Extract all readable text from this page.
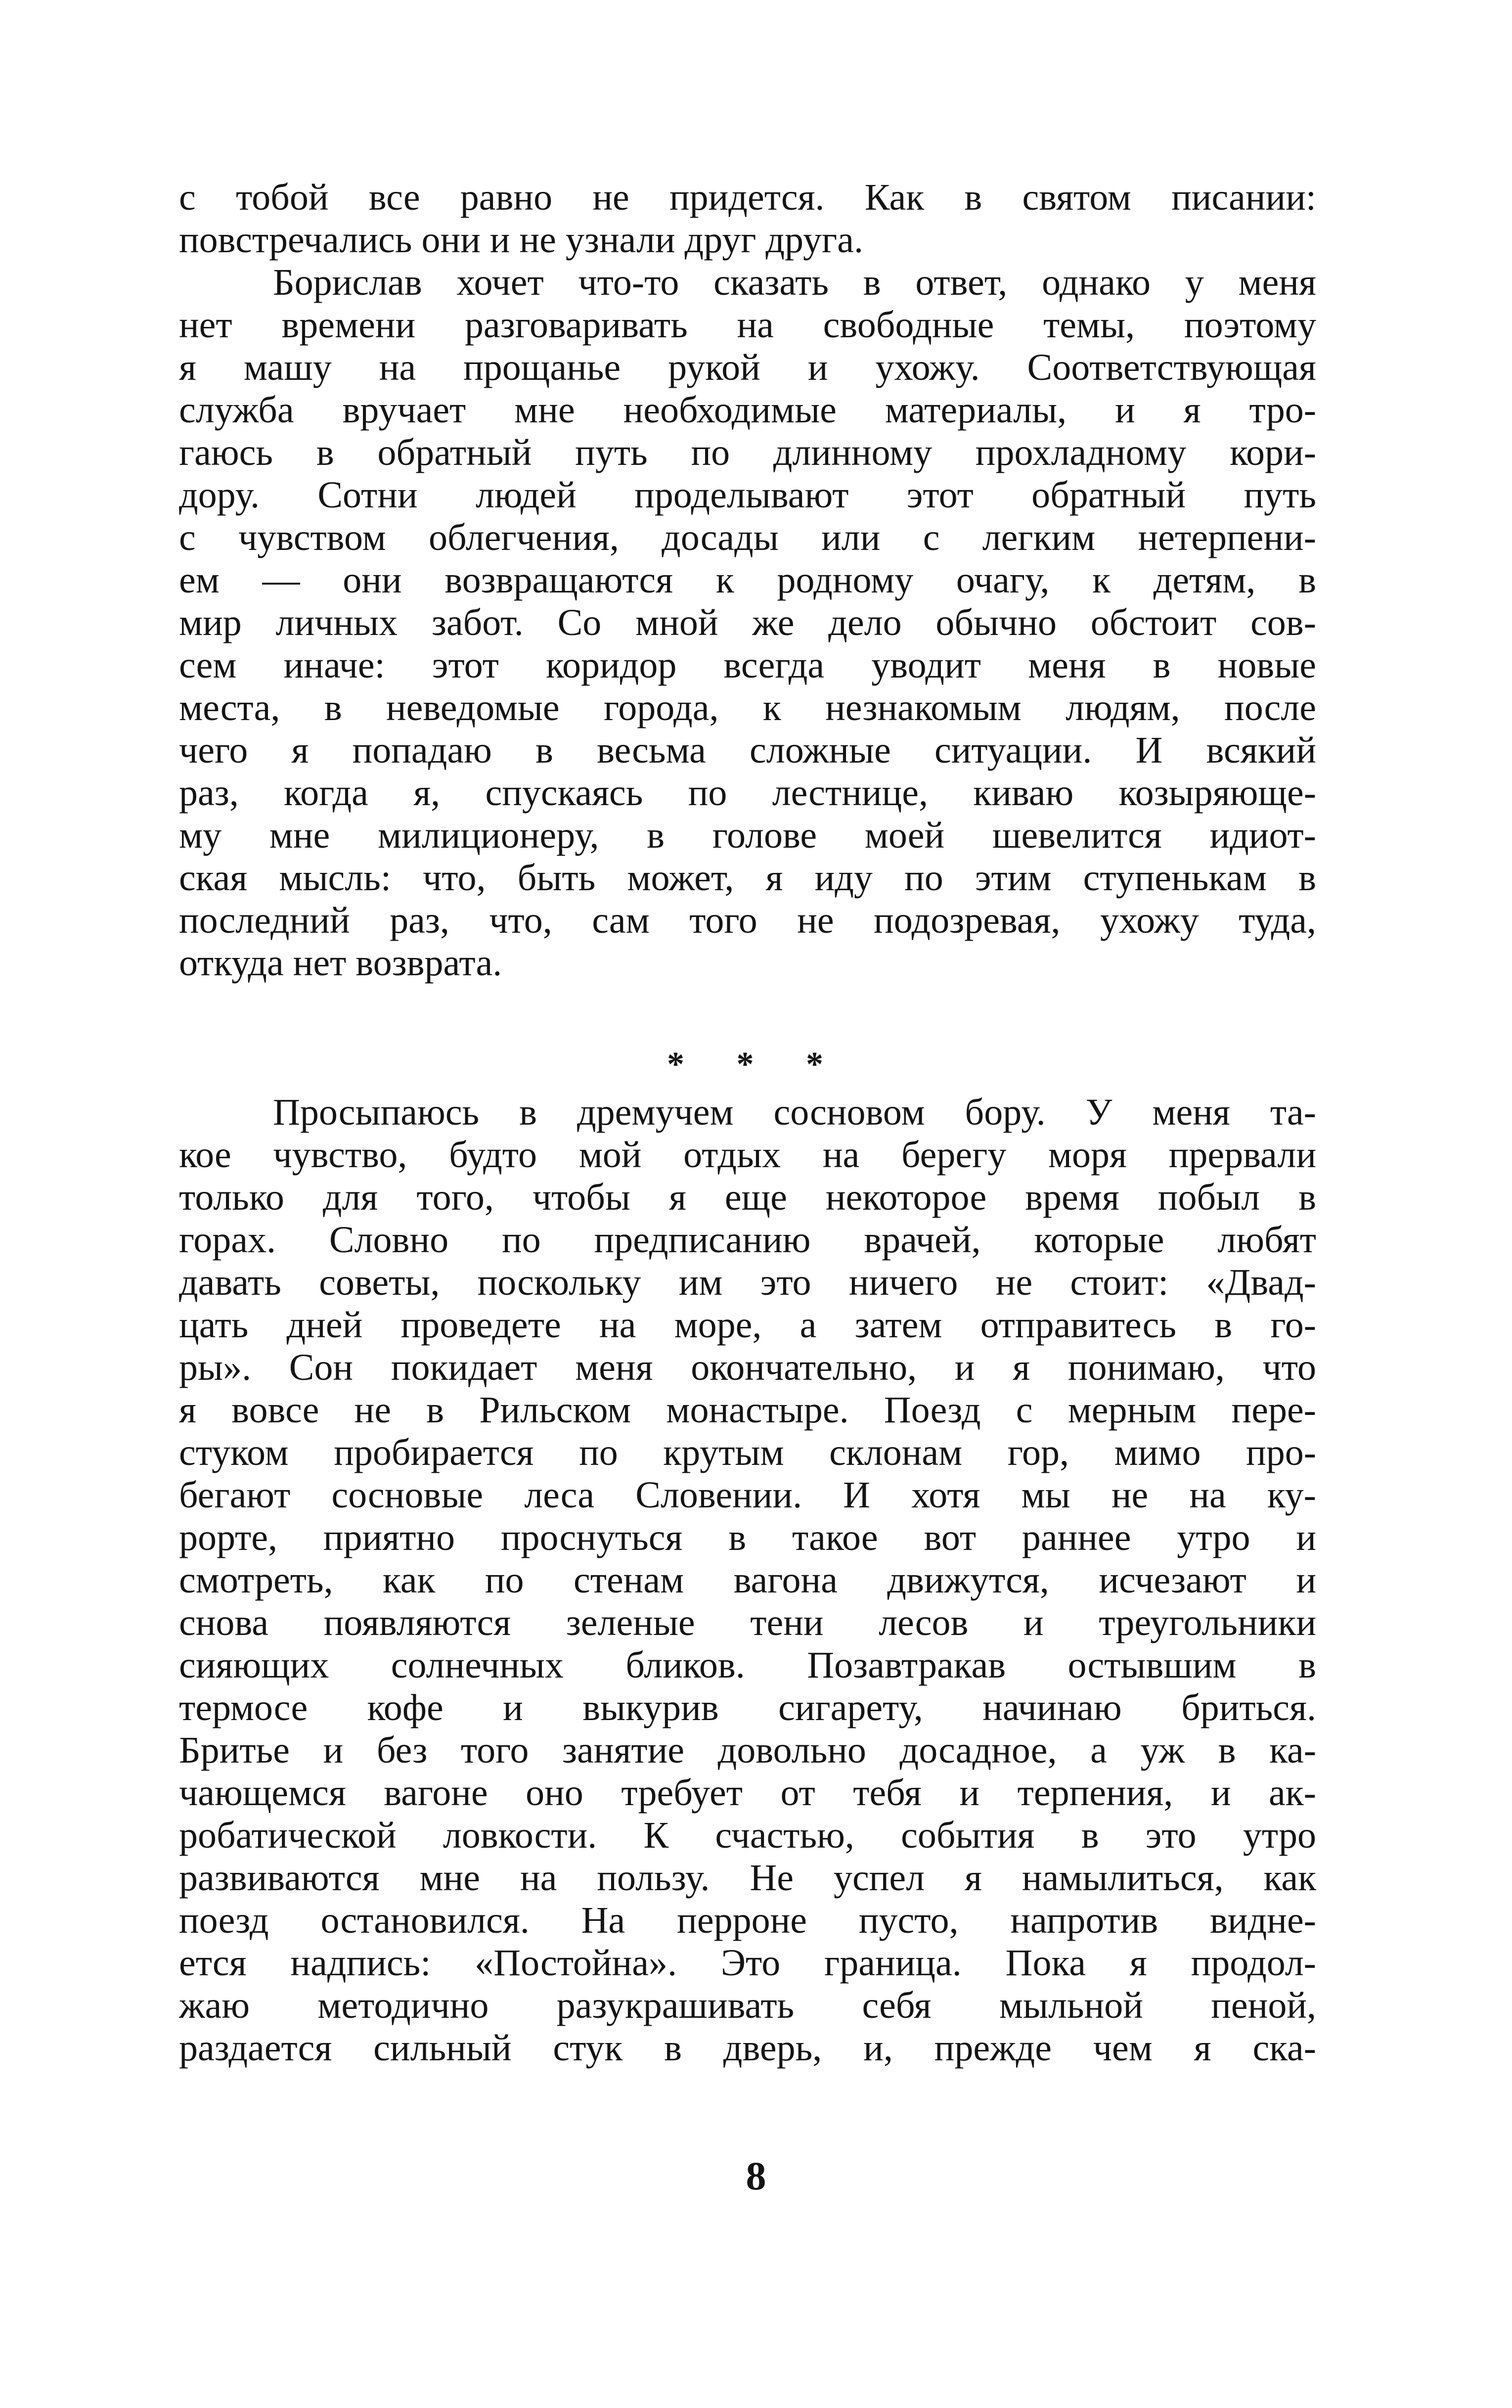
с тобой все равно не придется. Как в святом писании:
повстречались они и не узнали друг друга.
Борислав хочет что-то сказать в ответ, однако у меня
нет времени разговаривать на свободные темы, поэтому
я машу на прощанье рукой и ухожу. Соответствующая
служба вручает мне необходимые материалы, и я тро-
гаюсь в обратный путь по длинному прохладному кори-
дору. Сотни людей проделывают этот обратный путь
с чувством облегчения, досады или с легким нетерпени-
ем — они возвращаются к родному очагу, к детям, в
мир личных забот. Со мной же дело обычно обстоит сов-
сем иначе: этот коридор всегда уводит меня в новые
места, в неведомые города, к незнакомым людям, после
чего я попадаю в весьма сложные ситуации. И всякий
раз, когда я, спускаясь по лестнице, киваю козыряюще-
му мне милиционеру, в голове моей шевелится идиот-
ская мысль: что, быть может, я иду по этим ступенькам в
последний раз, что, сам того не подозревая, ухожу туда,
откуда нет возврата.
* * *
Просыпаюсь в дремучем сосновом бору. У меня та-
кое чувство, будто мой отдых на берегу моря прервали
только для того, чтобы я еще некоторое время побыл в
горах. Словно по предписанию врачей, которые любят
давать советы, поскольку им это ничего не стоит: «Двад-
цать дней проведете на море, а затем отправитесь в го-
ры». Сон покидает меня окончательно, и я понимаю, что
я вовсе не в Рильском монастыре. Поезд с мерным пере-
стуком пробирается по крутым склонам гор, мимо про-
бегают сосновые леса Словении. И хотя мы не на ку-
рорте, приятно проснуться в такое вот раннее утро и
смотреть, как по стенам вагона движутся, исчезают и
снова появляются зеленые тени лесов и треугольники
сияющих солнечных бликов. Позавтракав остывшим в
термосе кофе и выкурив сигарету, начинаю бриться.
Бритье и без того занятие довольно досадное, а уж в ка-
чающемся вагоне оно требует от тебя и терпения, и ак-
робатической ловкости. К счастью, события в это утро
развиваются мне на пользу. Не успел я намылиться, как
поезд остановился. На перроне пусто, напротив видне-
ется надпись: «Постойна». Это граница. Пока я продол-
жаю методично разукрашивать себя мыльной пеной,
раздается сильный стук в дверь, и, прежде чем я ска-
8
